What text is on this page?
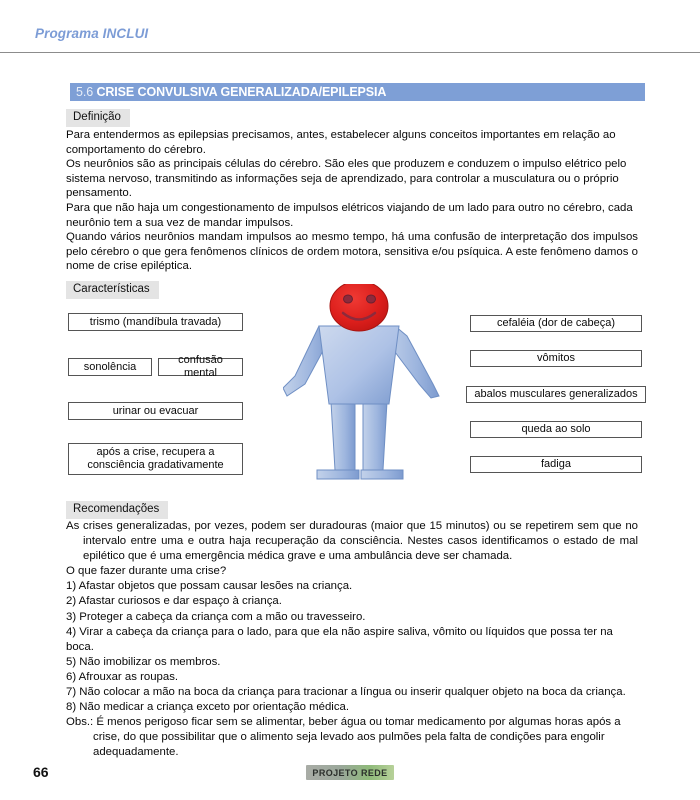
Programa INCLUI
5.6 CRISE CONVULSIVA GENERALIZADA/EPILEPSIA
Definição

Para entendermos as epilepsias precisamos, antes, estabelecer alguns conceitos importantes em relação ao comportamento do cérebro.

Os neurônios são as principais células do cérebro. São eles que produzem e conduzem o impulso elétrico pelo sistema nervoso, transmitindo as informações seja de aprendizado, para controlar a musculatura ou o próprio pensamento.

Para que não haja um congestionamento de impulsos elétricos viajando de um lado para outro no cérebro, cada neurônio tem a sua vez de mandar impulsos.

Quando vários neurônios mandam impulsos ao mesmo tempo, há uma confusão de interpretação dos impulsos pelo cérebro o que gera fenômenos clínicos de ordem motora, sensitiva e/ou psíquica. A este fenômeno damos o nome de crise epiléptica.

Características
trismo (mandíbula travada)
sonolência
confusão mental
urinar ou evacuar
após a crise, recupera a consciência gradativamente
cefaléia (dor de cabeça)
vômitos
abalos musculares generalizados
queda ao solo
fadiga
Recomendações

As crises generalizadas, por vezes, podem ser duradouras (maior que 15 minutos) ou se repetirem sem que no intervalo entre uma e outra haja recuperação da consciência. Nestes casos identificamos o estado de mal epilético que é uma emergência médica grave e uma ambulância deve ser chamada.

O que fazer durante uma crise?

1) Afastar objetos que possam causar lesões na criança.

2) Afastar curiosos e dar espaço à criança.

3) Proteger a cabeça da criança com a mão ou travesseiro.

4) Virar a cabeça da criança para o lado, para que ela não aspire saliva, vômito ou líquidos que possa ter na boca.

5) Não imobilizar os membros.

6) Afrouxar as roupas.

7) Não colocar a mão na boca da criança para tracionar a língua ou inserir qualquer objeto na boca da criança.

8) Não medicar a criança exceto por orientação médica.

Obs.: É menos perigoso ficar sem se alimentar, beber água ou tomar medicamento por algumas horas após a crise, do que possibilitar que o alimento seja levado aos pulmões pela falta de condições para engolir adequadamente.

66	PROJETO REDE
